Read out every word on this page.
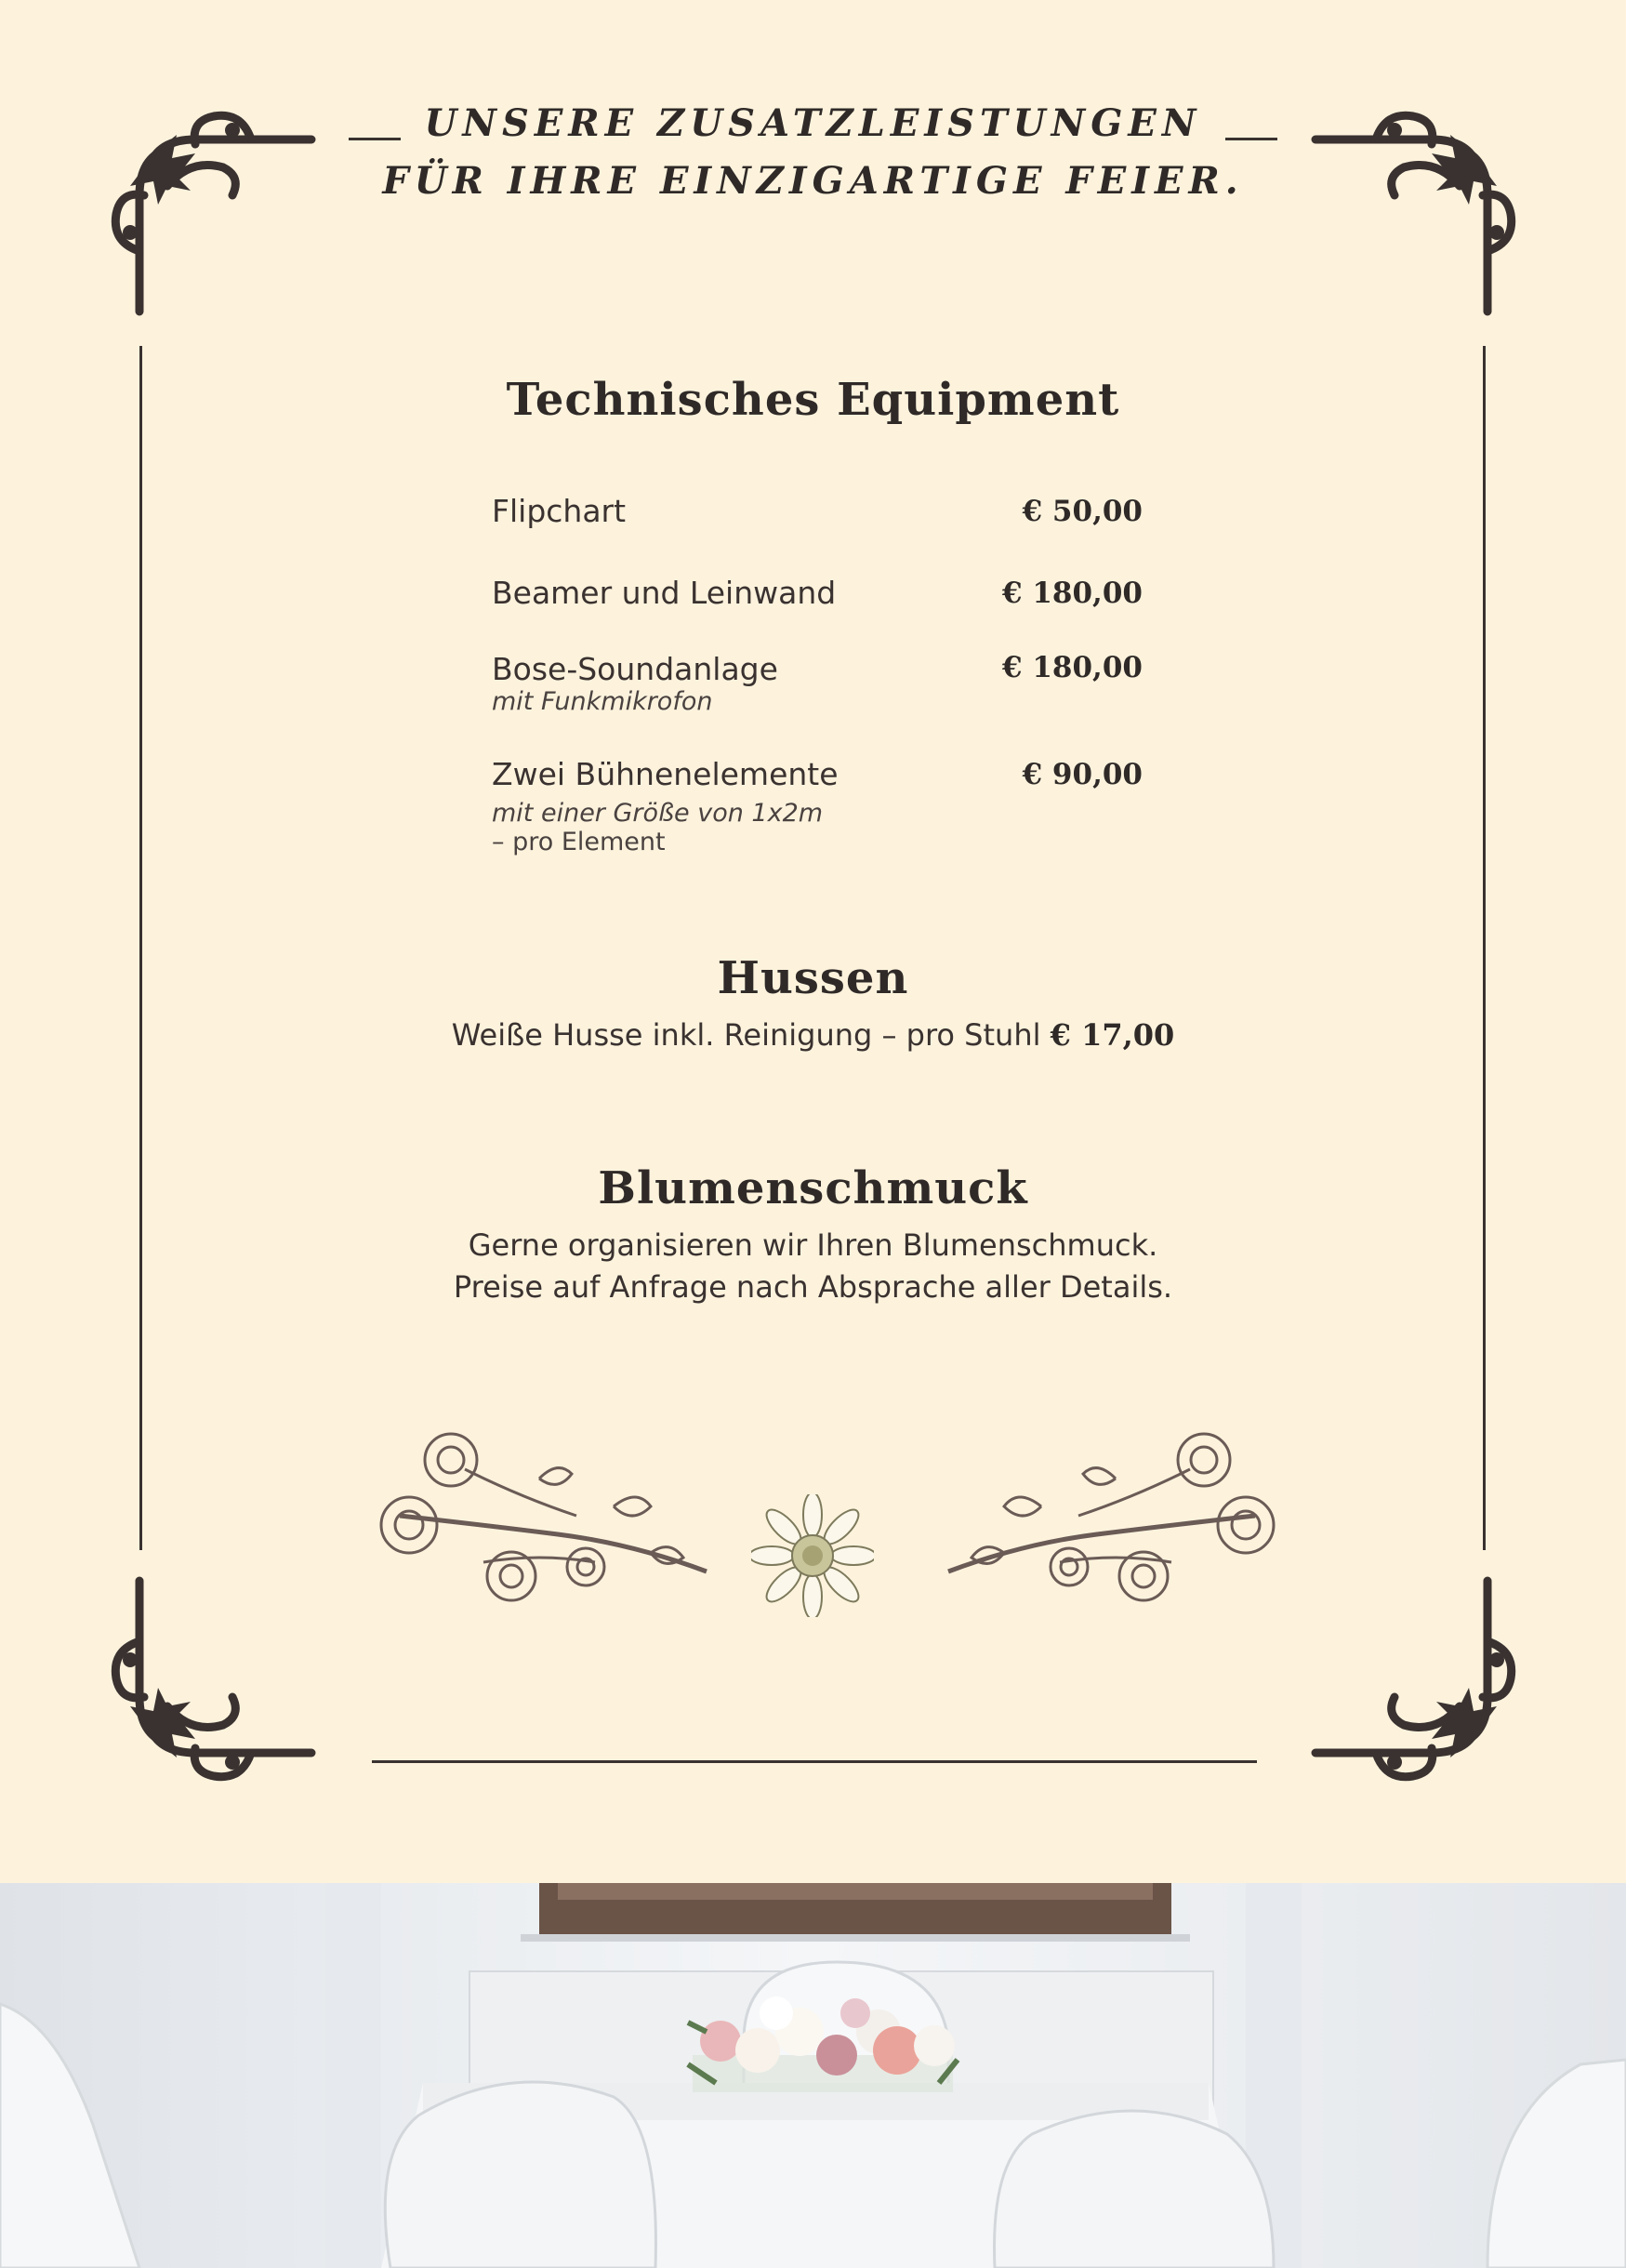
UNSERE ZUSATZLEISTUNGEN
FÜR IHRE EINZIGARTIGE FEIER.
Technisches Equipment
Flipchart	€ 50,00
Beamer und Leinwand	€ 180,00
Bose-Soundanlage
mit Funkmikrofon
€ 180,00
Zwei Bühnenelemente
mit einer Größe von 1x2m
– pro Element
€ 90,00
Hussen
Weiße Husse inkl. Reinigung – pro Stuhl € 17,00
Blumenschmuck
Gerne organisieren wir Ihren Blumenschmuck.
Preise auf Anfrage nach Absprache aller Details.
